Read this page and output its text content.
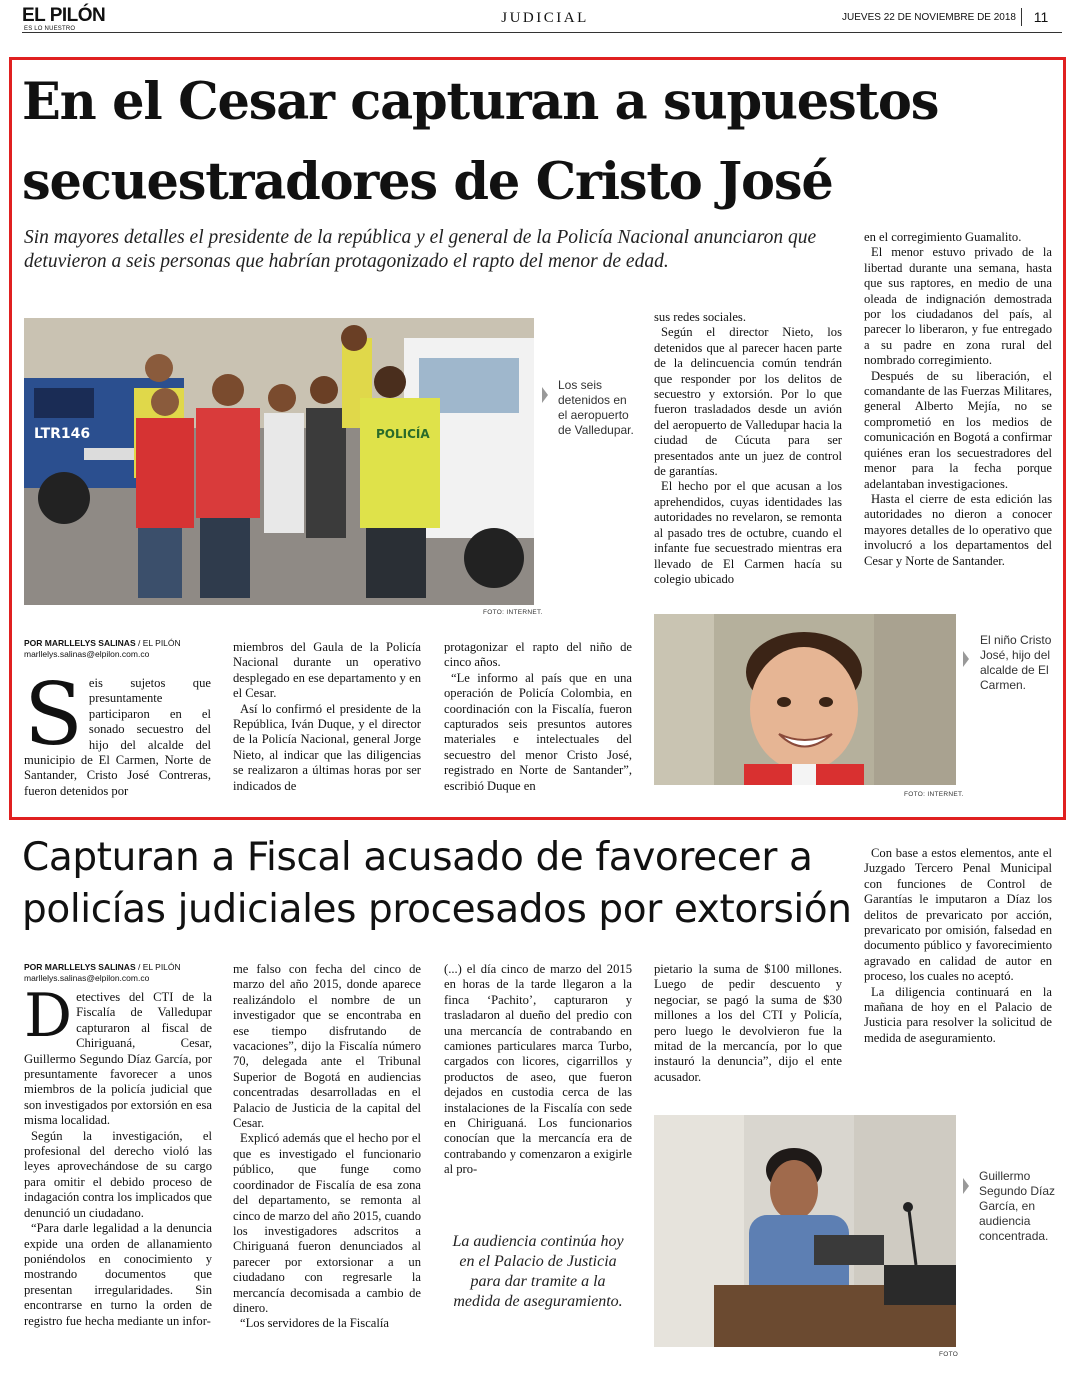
EL PILÓN
ES LO NUESTRO
JUDICIAL	JUEVES 22 DE NOVIEMBRE DE 2018	11
En el Cesar capturan a supuestos
secuestradores de Cristo José
Sin mayores detalles el presidente de la república y el general de la Policía Nacional anunciaron que detuvieron a seis personas que habrían protagonizado el rapto del menor de edad.
LTR146	POLICÍA
FOTO: INTERNET.
Los seis detenidos en el aeropuerto de Valledupar.
POR MARLLELYS SALINAS / EL PILÓN
marllelys.salinas@elpilon.com.co
Seis sujetos que presuntamente participaron en el sonado secuestro del hijo del alcalde del municipio de El Carmen, Norte de Santander, Cristo José Contreras, fueron detenidos por

miembros del Gaula de la Policía Nacional durante un operativo desplegado en ese departamento y en el Cesar.

Así lo confirmó el presidente de la República, Iván Duque, y el director de la Policía Nacional, general Jorge Nieto, al indicar que las diligencias se realizaron a últimas horas por ser indicados de

protagonizar el rapto del niño de cinco años.

“Le informo al país que en una operación de Policía Colombia, en coordinación con la Fiscalía, fueron capturados seis presuntos autores materiales e intelectuales del secuestro del menor Cristo José, registrado en Norte de Santander”, escribió Duque en

sus redes sociales.

Según el director Nieto, los detenidos que al parecer hacen parte de la delincuencia común tendrán que responder por los delitos de secuestro y extorsión. Por lo que fueron trasladados desde un avión del aeropuerto de Valledupar hacia la ciudad de Cúcuta para ser presentados ante un juez de control de garantías.

El hecho por el que acusan a los aprehendidos, cuyas identidades las autoridades no revelaron, se remonta al pasado tres de octubre, cuando el infante fue secuestrado mientras era llevado de El Carmen hacía su colegio ubicado

en el corregimiento Guamalito.

El menor estuvo privado de la libertad durante una semana, hasta que sus raptores, en medio de una oleada de indignación demostrada por los ciudadanos del país, al parecer lo liberaron, y fue entregado a su padre en zona rural del nombrado corregimiento.

Después de su liberación, el comandante de las Fuerzas Militares, general Alberto Mejía, no se comprometió en los medios de comunicación en Bogotá a confirmar quiénes eran los secuestradores del menor para la fecha porque adelantaban investigaciones.

Hasta el cierre de esta edición las autoridades no dieron a conocer mayores detalles de lo operativo que involucró a los departamentos del Cesar y Norte de Santander.

FOTO: INTERNET.
El niño Cristo José, hijo del alcalde de El Carmen.
Capturan a Fiscal acusado de favorecer a
policías judiciales procesados por extorsión
POR MARLLELYS SALINAS / EL PILÓN
marllelys.salinas@elpilon.com.co

Detectives del CTI de la Fiscalía de Valledupar capturaron al fiscal de Chiriguaná, Cesar, Guillermo Segundo Díaz García, por presuntamente favorecer a unos miembros de la policía judicial que son investigados por extorsión en esa misma localidad.

Según la investigación, el profesional del derecho violó las leyes aprovechándose de su cargo para omitir el debido proceso de indagación contra los implicados que denunció un ciudadano.

“Para darle legalidad a la denuncia expide una orden de allanamiento poniéndolos en conocimiento y mostrando documentos que presentan irregularidades. Sin encontrarse en turno la orden de registro fue hecha mediante un infor-

me falso con fecha del cinco de marzo del año 2015, donde aparece realizándolo el nombre de un investigador que se encontraba en ese tiempo disfrutando de vacaciones”, dijo la Fiscalía número 70, delegada ante el Tribunal Superior de Bogotá en audiencias concentradas desarrolladas en el Palacio de Justicia de la capital del Cesar.

Explicó además que el hecho por el que es investigado el funcionario público, que funge como coordinador de Fiscalía de esa zona del departamento, se remonta al cinco de marzo del año 2015, cuando los investigadores adscritos a Chiriguaná fueron denunciados al parecer por extorsionar a un ciudadano con regresarle la mercancía decomisada a cambio de dinero.

“Los servidores de la Fiscalía

(...) el día cinco de marzo del 2015 en horas de la tarde llegaron a la finca ‘Pachito’, capturaron y trasladaron al dueño del predio con una mercancía de contrabando en camiones particulares marca Turbo, cargados con licores, cigarrillos y productos de aseo, que fueron dejados en custodia cerca de las instalaciones de la Fiscalía con sede en Chiriguaná. Los funcionarios conocían que la mercancía era de contrabando y comenzaron a exigirle al pro-

La audiencia continúa hoy en el Palacio de Justicia para dar tramite a la medida de aseguramiento.

pietario la suma de $100 millones. Luego de pedir descuento y negociar, se pagó la suma de $30 millones a los del CTI y Policía, pero luego le devolvieron fue la mitad de la mercancía, por lo que instauró la denuncia”, dijo el ente acusador.

Con base a estos elementos, ante el Juzgado Tercero Penal Municipal con funciones de Control de Garantías le imputaron a Díaz los delitos de prevaricato por acción, prevaricato por omisión, falsedad en documento público y favorecimiento agravado en calidad de autor en proceso, los cuales no aceptó.

La diligencia continuará en la mañana de hoy en el Palacio de Justicia para resolver la solicitud de medida de aseguramiento.

FOTO
Guillermo Segundo Díaz García, en audiencia concentrada.
